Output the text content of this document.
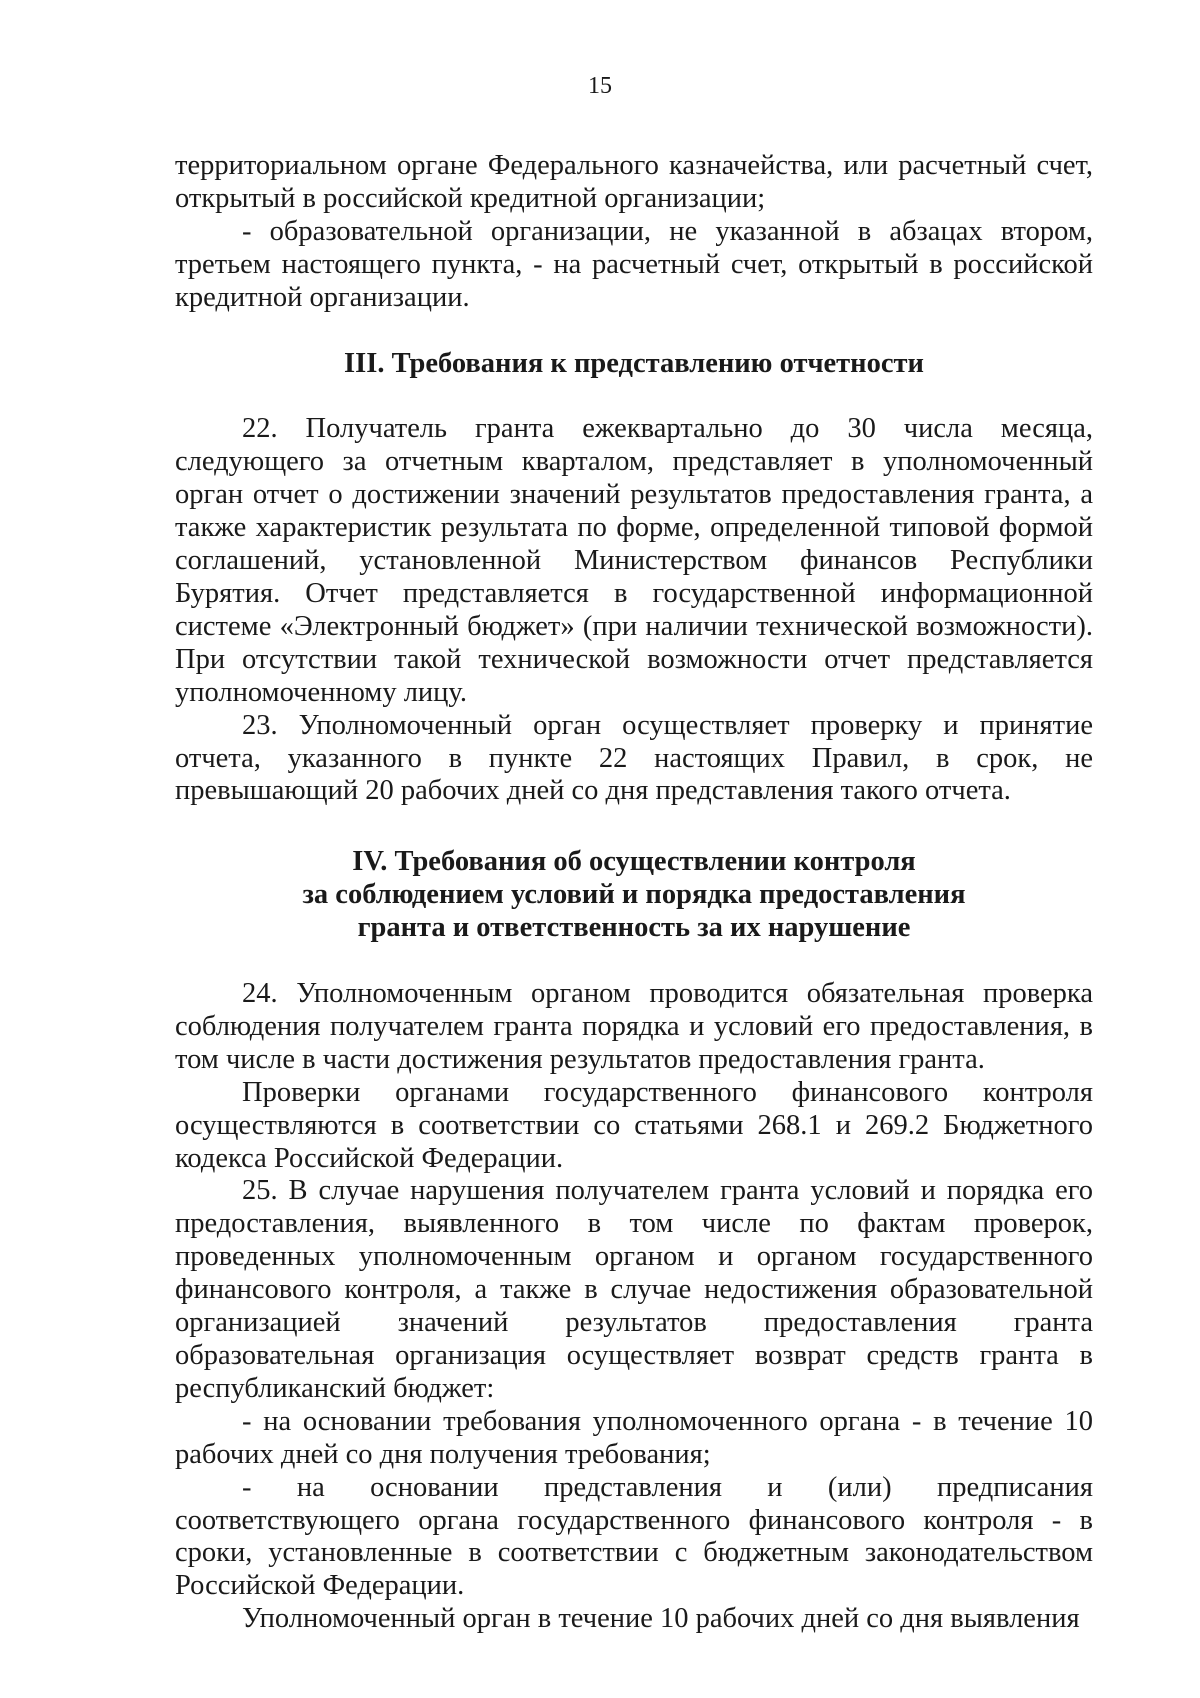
15

территориальном органе Федерального казначейства, или расчетный счет, открытый в российской кредитной организации;

- образовательной организации, не указанной в абзацах втором, третьем настоящего пункта, - на расчетный счет, открытый в российской кредитной организации.

III. Требования к представлению отчетности

22. Получатель гранта ежеквартально до 30 числа месяца, следующего за отчетным кварталом, представляет в уполномоченный орган отчет о достижении значений результатов предоставления гранта, а также характеристик результата по форме, определенной типовой формой соглашений, установленной Министерством финансов Республики Бурятия. Отчет представляется в государственной информационной системе «Электронный бюджет» (при наличии технической возможности). При отсутствии такой технической возможности отчет представляется уполномоченному лицу.

23. Уполномоченный орган осуществляет проверку и принятие отчета, указанного в пункте 22 настоящих Правил, в срок, не превышающий 20 рабочих дней со дня представления такого отчета.

IV. Требования об осуществлении контроля
за соблюдением условий и порядка предоставления
гранта и ответственность за их нарушение

24. Уполномоченным органом проводится обязательная проверка соблюдения получателем гранта порядка и условий его предоставления, в том числе в части достижения результатов предоставления гранта.

Проверки органами государственного финансового контроля осуществляются в соответствии со статьями 268.1 и 269.2 Бюджетного кодекса Российской Федерации.

25. В случае нарушения получателем гранта условий и порядка его предоставления, выявленного в том числе по фактам проверок, проведенных уполномоченным органом и органом государственного финансового контроля, а также в случае недостижения образовательной организацией значений результатов предоставления гранта образовательная организация осуществляет возврат средств гранта в республиканский бюджет:

- на основании требования уполномоченного органа - в течение 10 рабочих дней со дня получения требования;

- на основании представления и (или) предписания соответствующего органа государственного финансового контроля - в сроки, установленные в соответствии с бюджетным законодательством Российской Федерации.

Уполномоченный орган в течение 10 рабочих дней со дня выявления
